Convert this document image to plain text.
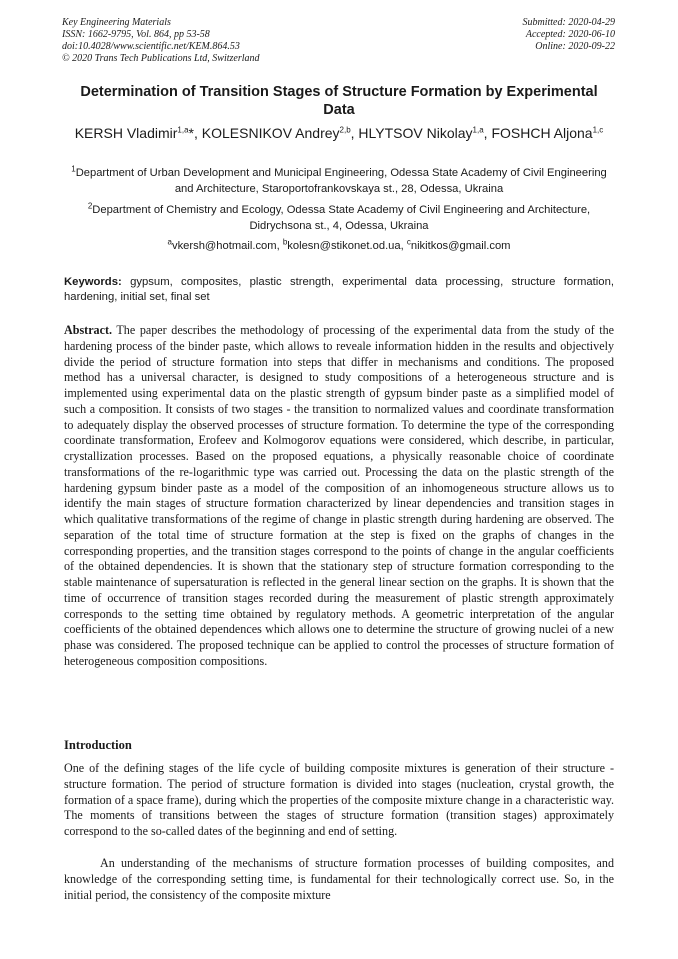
Key Engineering Materials
ISSN: 1662-9795, Vol. 864, pp 53-58
doi:10.4028/www.scientific.net/KEM.864.53
© 2020 Trans Tech Publications Ltd, Switzerland
Submitted: 2020-04-29
Accepted: 2020-06-10
Online: 2020-09-22
Determination of Transition Stages of Structure Formation by Experimental Data
KERSH Vladimir$^{1,a}$*, KOLESNIKOV Andrey$^{2,b}$, HLYTSOV Nikolay$^{1,a}$, FOSHCH Aljona$^{1,c}$
$^1$Department of Urban Development and Municipal Engineering, Odessa State Academy of Civil Engineering and Architecture, Staroportofrankovskaya st., 28, Odessa, Ukraina
$^2$Department of Chemistry and Ecology, Odessa State Academy of Civil Engineering and Architecture, Didrychsona st., 4, Odessa, Ukraina
$^a$vkersh@hotmail.com, $^b$kolesn@stikonet.od.ua, $^c$nikitkos@gmail.com
Keywords: gypsum, composites, plastic strength, experimental data processing, structure formation, hardening, initial set, final set
Abstract. The paper describes the methodology of processing of the experimental data from the study of the hardening process of the binder paste, which allows to reveale information hidden in the results and objectively divide the period of structure formation into steps that differ in mechanisms and conditions. The proposed method has a universal character, is designed to study compositions of a heterogeneous structure and is implemented using experimental data on the plastic strength of gypsum binder paste as a simplified model of such a composition. It consists of two stages - the transition to normalized values and coordinate transformation to adequately display the observed processes of structure formation. To determine the type of the corresponding coordinate transformation, Erofeev and Kolmogorov equations were considered, which describe, in particular, crystallization processes. Based on the proposed equations, a physically reasonable choice of coordinate transformations of the re-logarithmic type was carried out. Processing the data on the plastic strength of the hardening gypsum binder paste as a model of the composition of an inhomogeneous structure allows us to identify the main stages of structure formation characterized by linear dependencies and transition stages in which qualitative transformations of the regime of change in plastic strength during hardening are observed. The separation of the total time of structure formation at the step is fixed on the graphs of changes in the corresponding properties, and the transition stages correspond to the points of change in the angular coefficients of the obtained dependencies. It is shown that the stationary step of structure formation corresponding to the stable maintenance of supersaturation is reflected in the general linear section on the graphs. It is shown that the time of occurrence of transition stages recorded during the measurement of plastic strength approximately corresponds to the setting time obtained by regulatory methods. A geometric interpretation of the angular coefficients of the obtained dependences which allows one to determine the structure of growing nuclei of a new phase was considered. The proposed technique can be applied to control the processes of structure formation of heterogeneous composition compositions.
Introduction

One of the defining stages of the life cycle of building composite mixtures is generation of their structure - structure formation. The period of structure formation is divided into stages (nucleation, crystal growth, the formation of a space frame), during which the properties of the composite mixture change in a characteristic way. The moments of transitions between the stages of structure formation (transition stages) approximately correspond to the so-called dates of the beginning and end of setting.

An understanding of the mechanisms of structure formation processes of building composites, and knowledge of the corresponding setting time, is fundamental for their technologically correct use. So, in the initial period, the consistency of the composite mixture
